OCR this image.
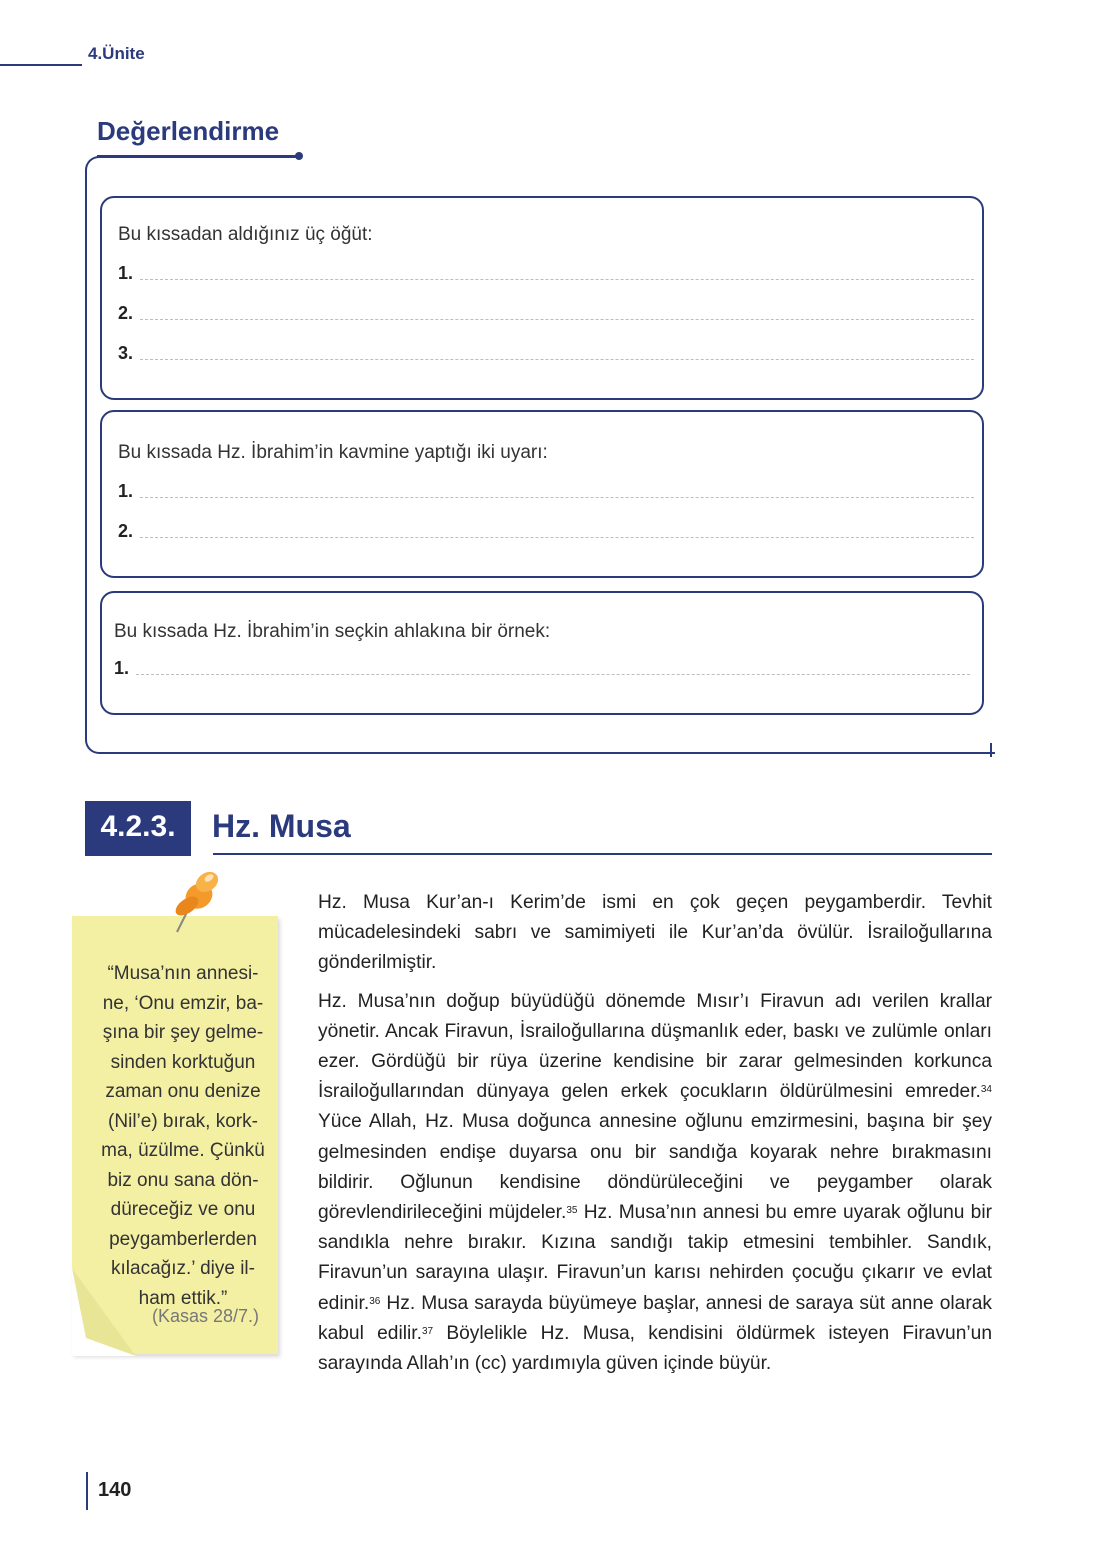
4.Ünite
Değerlendirme
Bu kıssadan aldığınız üç öğüt:
1.
2.
3.
Bu kıssada Hz. İbrahim’in kavmine yaptığı iki uyarı:
1.
2.
Bu kıssada Hz. İbrahim’in seçkin ahlakına bir örnek:
1.
4.2.3.	Hz. Musa
“Musa’nın annesi-
ne, ‘Onu emzir, ba-
şına bir şey gelme-
sinden korktuğun
zaman onu denize
(Nil’e) bırak, kork-
ma, üzülme. Çünkü
biz onu sana dön-
düreceğiz ve onu
peygamberlerden
kılacağız.’ diye il-
ham ettik.”
(Kasas 28/7.)

Hz. Musa Kur’an-ı Kerim’de ismi en çok geçen peygamberdir. Tevhit mücadelesindeki sabrı ve samimiyeti ile Kur’an’da övülür. İsrailoğullarına gönderilmiştir.

Hz. Musa’nın doğup büyüdüğü dönemde Mısır’ı Firavun adı verilen krallar yönetir. Ancak Firavun, İsrailoğullarına düşmanlık eder, baskı ve zulümle onları ezer. Gördüğü bir rüya üzerine kendisine bir zarar gelmesinden korkunca İsrailoğullarından dünyaya gelen erkek çocukların öldürülmesini emreder.$^{34}$ Yüce Allah, Hz. Musa doğunca annesine oğlunu emzirmesini, başına bir şey gelmesinden endişe duyarsa onu bir sandığa koyarak nehre bırakmasını bildirir. Oğlunun kendisine döndürüleceğini ve peygamber olarak görevlendirileceğini müjdeler.$^{35}$ Hz. Musa’nın annesi bu emre uyarak oğlunu bir sandıkla nehre bırakır. Kızına sandığı takip etmesini tembihler. Sandık, Firavun’un sarayına ulaşır. Firavun’un karısı nehirden çocuğu çıkarır ve evlat edinir.$^{36}$ Hz. Musa sarayda büyümeye başlar, annesi de saraya süt anne olarak kabul edilir.$^{37}$ Böylelikle Hz. Musa, kendisini öldürmek isteyen Firavun’un sarayında Allah’ın (cc) yardımıyla güven içinde büyür.

140
